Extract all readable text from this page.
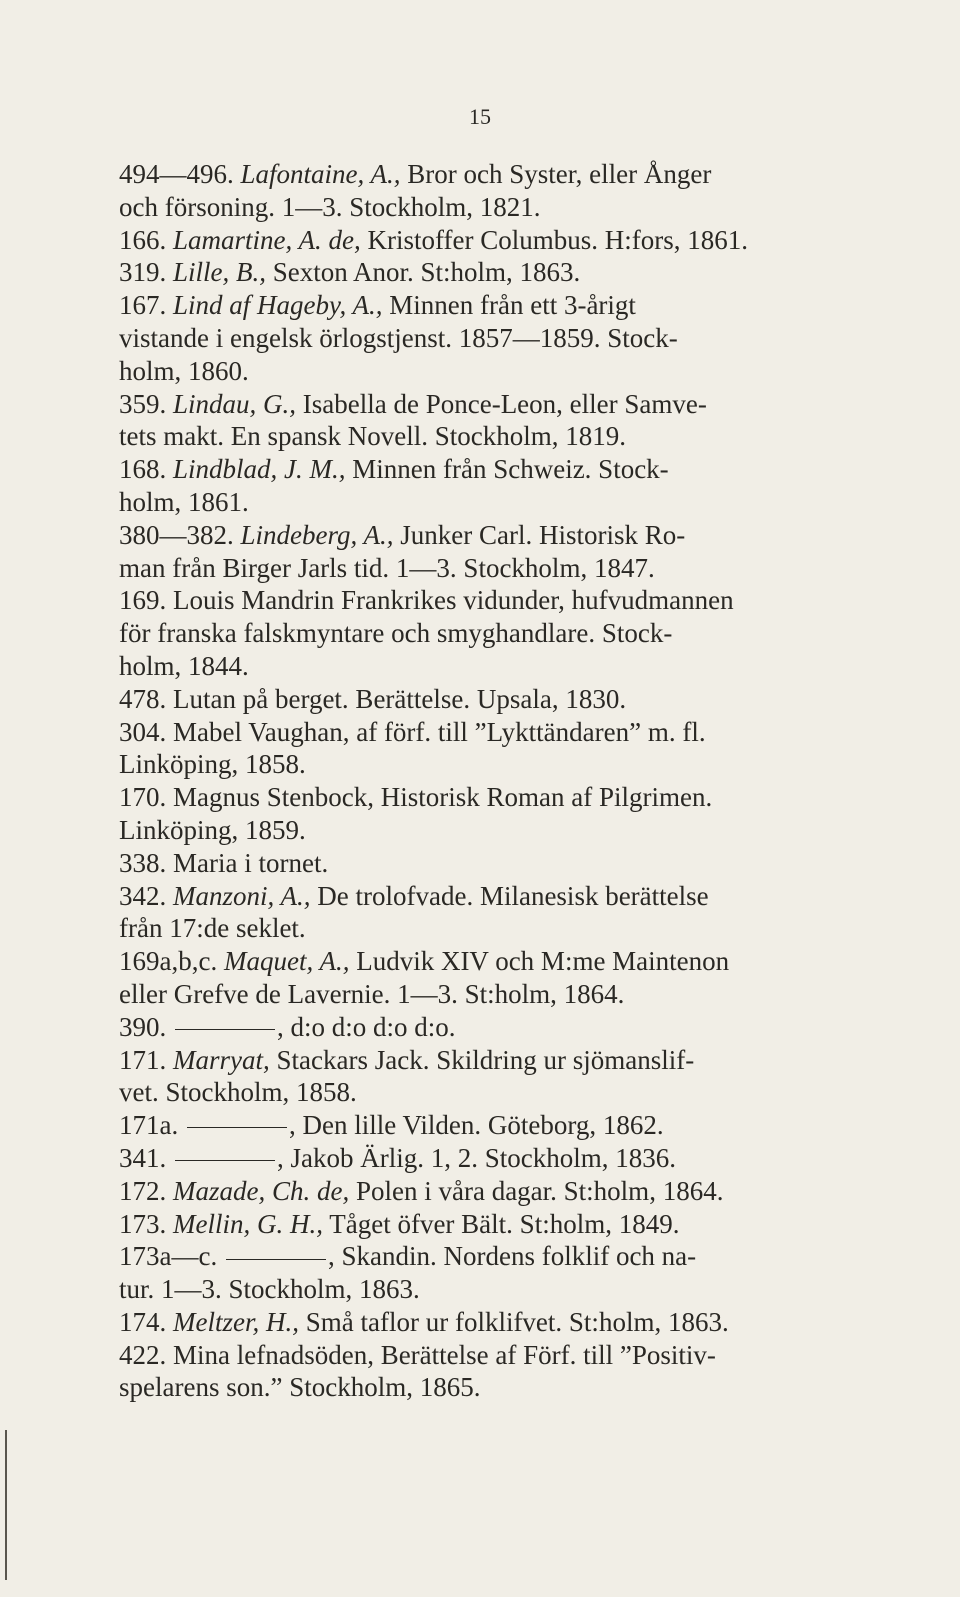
15
494—496. Lafontaine, A., Bror och Syster, eller Ånger
och försoning. 1—3. Stockholm, 1821.
166. Lamartine, A. de, Kristoffer Columbus. H:fors, 1861.
319. Lille, B., Sexton Anor. St:holm, 1863.
167. Lind af Hageby, A., Minnen från ett 3-årigt
vistande i engelsk örlogstjenst. 1857—1859. Stock-
holm, 1860.
359. Lindau, G., Isabella de Ponce-Leon, eller Samve-
tets makt. En spansk Novell. Stockholm, 1819.
168. Lindblad, J. M., Minnen från Schweiz. Stock-
holm, 1861.
380—382. Lindeberg, A., Junker Carl. Historisk Ro-
man från Birger Jarls tid. 1—3. Stockholm, 1847.
169. Louis Mandrin Frankrikes vidunder, hufvudmannen
för franska falskmyntare och smyghandlare. Stock-
holm, 1844.
478. Lutan på berget. Berättelse. Upsala, 1830.
304. Mabel Vaughan, af förf. till ”Lykttändaren” m. fl.
Linköping, 1858.
170. Magnus Stenbock, Historisk Roman af Pilgrimen.
Linköping, 1859.
338. Maria i tornet.
342. Manzoni, A., De trolofvade. Milanesisk berättelse
från 17:de seklet.
169a,b,c. Maquet, A., Ludvik XIV och M:me Maintenon
eller Grefve de Lavernie. 1—3. St:holm, 1864.
390.	, d:o d:o d:o d:o.
171. Marryat, Stackars Jack. Skildring ur sjömanslif-
vet. Stockholm, 1858.
171a.	, Den lille Vilden. Göteborg, 1862.
341.	, Jakob Ärlig. 1, 2. Stockholm, 1836.
172. Mazade, Ch. de, Polen i våra dagar. St:holm, 1864.
173. Mellin, G. H., Tåget öfver Bält. St:holm, 1849.
173a—c.	, Skandin. Nordens folklif och na-
tur. 1—3. Stockholm, 1863.
174. Meltzer, H., Små taflor ur folklifvet. St:holm, 1863.
422. Mina lefnadsöden, Berättelse af Förf. till ”Positiv-
spelarens son.” Stockholm, 1865.
